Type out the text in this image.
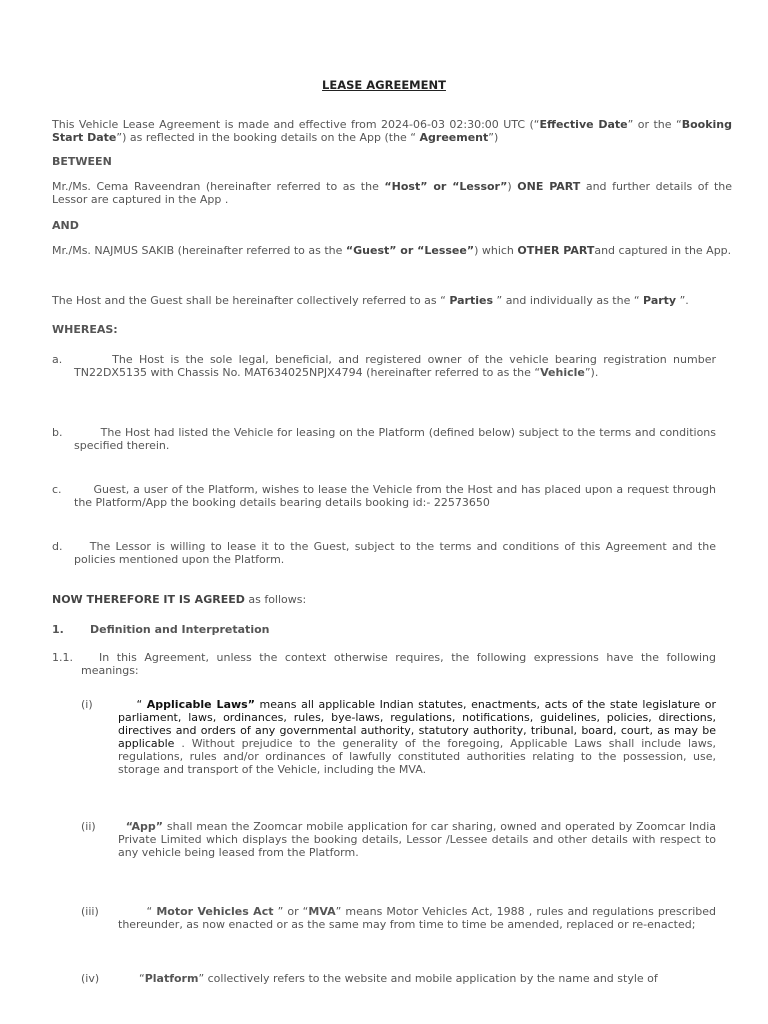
LEASE AGREEMENT
This Vehicle Lease Agreement is made and effective from 2024-06-03 02:30:00 UTC (“Effective Date” or the “Booking Start Date”) as reflected in the booking details on the App (the “ Agreement”)
BETWEEN
Mr./Ms. Cema Raveendran (hereinafter referred to as the “Host” or “Lessor”) ONE PART and further details of the Lessor are captured in the App .
AND
Mr./Ms. NAJMUS SAKIB (hereinafter referred to as the “Guest” or “Lessee”) which OTHER PARTand captured in the App.
The Host and the Guest shall be hereinafter collectively referred to as “ Parties ” and individually as the “ Party ”.
WHEREAS:
a.      The Host is the sole legal, beneficial, and registered owner of the vehicle bearing registration number TN22DX5135 with Chassis No. MAT634025NPJX4794 (hereinafter referred to as the “Vehicle”).
b.       The Host had listed the Vehicle for leasing on the Platform (defined below) subject to the terms and conditions specified therein.
c.     Guest, a user of the Platform, wishes to lease the Vehicle from the Host and has placed upon a request through the Platform/App the booking details bearing details booking id:- 22573650
d.   The Lessor is willing to lease it to the Guest, subject to the terms and conditions of this Agreement and the policies mentioned upon the Platform.
NOW THEREFORE IT IS AGREED as follows:
1. Definition and Interpretation
1.1. In this Agreement, unless the context otherwise requires, the following expressions have the following meanings:
(i)    “ Applicable Laws” means all applicable Indian statutes, enactments, acts of the state legislature or parliament, laws, ordinances, rules, bye-laws, regulations, notifications, guidelines, policies, directions, directives and orders of any governmental authority, statutory authority, tribunal, board, court, as may be applicable . Without prejudice to the generality of the foregoing, Applicable Laws shall include laws, regulations, rules and/or ordinances of lawfully constituted authorities relating to the possession, use, storage and transport of the Vehicle, including the MVA.
(ii)	“App” shall mean the Zoomcar mobile application for car sharing, owned and operated by Zoomcar India Private Limited which displays the booking details, Lessor /Lessee details and other details with respect to any vehicle being leased from the Platform.
(iii)       “ Motor Vehicles Act ” or “MVA” means Motor Vehicles Act, 1988 , rules and regulations prescribed thereunder, as now enacted or as the same may from time to time be amended, replaced or re-enacted;
(iv)      “Platform” collectively refers to the website and mobile application by the name and style of
